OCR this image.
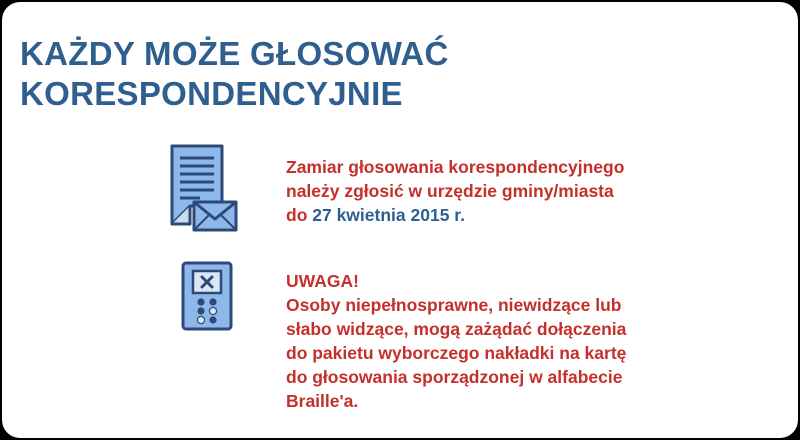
KAŻDY MOŻE GŁOSOWAĆ
KORESPONDENCYJNIE
Zamiar głosowania korespondencyjnego
należy zgłosić w urzędzie gminy/miasta
do 27 kwietnia 2015 r.
UWAGA!
Osoby niepełnosprawne, niewidzące lub
słabo widzące, mogą zażądać dołączenia
do pakietu wyborczego nakładki na kartę
do głosowania sporządzonej w alfabecie
Braille'a.
